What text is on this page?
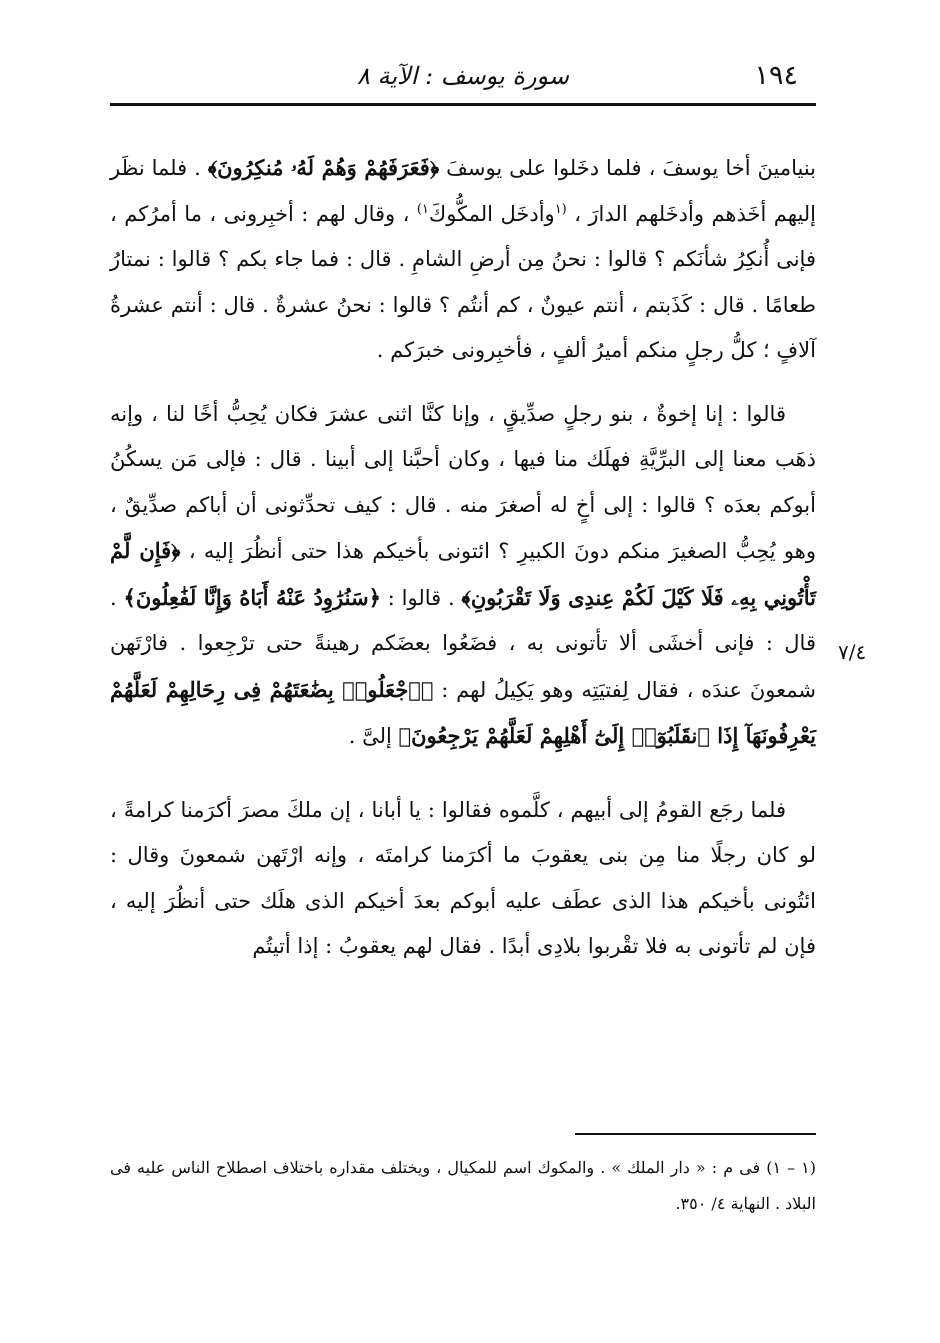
١٩٤
سورة يوسف : الآية ٨
٧/٤

بنيامينَ أخا يوسفَ ، فلما دخَلوا على يوسفَ ﴿فَعَرَفَهُمْ وَهُمْ لَهُۥ مُنكِرُونَ﴾ . فلما نظَر إليهم أخَذهم وأدخَلهم الدارَ ، $^{(١}$وأدخَل المكُّوكَ$^{١)}$ ، وقال لهم : أخبِرونى ، ما أمرُكم ، فإنى أُنكِرُ شأنَكم ؟ قالوا : نحنُ مِن أرضِ الشامِ . قال : فما جاء بكم ؟ قالوا : نمتارُ طعامًا . قال : كَذَبتم ، أنتم عيونٌ ، كم أنتُم ؟ قالوا : نحنُ عشرةٌ . قال : أنتم عشرةُ آلافٍ ؛ كلُّ رجلٍ منكم أميرُ ألفٍ ، فأخبِرونى خبرَكم .

قالوا : إنا إخوةٌ ، بنو رجلٍ صدِّيقٍ ، وإنا كنَّا اثنى عشرَ فكان يُحِبُّ أخًا لنا ، وإنه ذهَب معنا إلى البرِّيَّةِ فهلَك منا فيها ، وكان أحبَّنا إلى أبينا . قال : فإلى مَن يسكُنُ أبوكم بعدَه ؟ قالوا : إلى أخٍ له أصغرَ منه . قال : كيف تحدِّثونى أن أباكم صدِّيقٌ ، وهو يُحِبُّ الصغيرَ منكم دونَ الكبيرِ ؟ ائتونى بأخيكم هذا حتى أنظُرَ إليه ، ﴿فَإِن لَّمْ تَأْتُونِي بِهِۦ فَلَا كَيْلَ لَكُمْ عِندِى وَلَا تَقْرَبُونِ﴾ . قالوا : ﴿سَنُرَٰوِدُ عَنْهُ أَبَاهُ وَإِنَّا لَفَٰعِلُونَ﴾ . قال : فإنى أخشَى ألا تأتونى به ، فضَعُوا بعضَكم رهينةً حتى ترْجِعوا . فارْتَهن شمعونَ عندَه ، فقال لِفتيَتِه وهو يَكِيلُ لهم : ﴿ٱجْعَلُوا۟ بِضَٰعَتَهُمْ فِى رِحَالِهِمْ لَعَلَّهُمْ يَعْرِفُونَهَآ إِذَا ٱنقَلَبُوٓا۟ إِلَىٰٓ أَهْلِهِمْ لَعَلَّهُمْ يَرْجِعُونَ﴾ إلىَّ .

فلما رجَع القومُ إلى أبيهم ، كلَّموه فقالوا : يا أبانا ، إن ملكَ مصرَ أكرَمنا كرامةً ، لو كان رجلًا منا مِن بنى يعقوبَ ما أكرَمنا كرامتَه ، وإنه ارْتَهن شمعونَ وقال : ائتُونى بأخيكم هذا الذى عطَف عليه أبوكم بعدَ أخيكم الذى هلَك حتى أنظُرَ إليه ، فإن لم تأتونى به فلا تقْربوا بلادِى أبدًا . فقال لهم يعقوبُ : إذا أتيتُم

(١ – ١) فى م : « دار الملك » . والمكوك اسم للمكيال ، ويختلف مقداره باختلاف اصطلاح الناس عليه فى البلاد . النهاية ٤/ ٣٥٠.
